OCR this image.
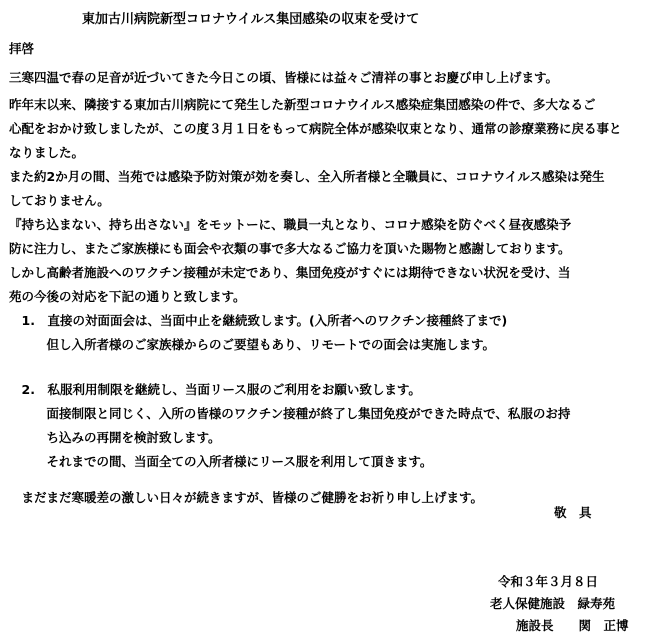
東加古川病院新型コロナウイルス集団感染の収束を受けて
拝啓
三寒四温で春の足音が近づいてきた今日この頃、皆様には益々ご清祥の事とお慶び申し上げます。
昨年末以来、隣接する東加古川病院にて発生した新型コロナウイルス感染症集団感染の件で、多大なるご
心配をおかけ致しましたが、この度３月１日をもって病院全体が感染収束となり、通常の診療業務に戻る事と
なりました。
また約2か月の間、当苑では感染予防対策が効を奏し、全入所者様と全職員に、コロナウイルス感染は発生
しておりません。
『持ち込まない、持ち出さない』をモットーに、職員一丸となり、コロナ感染を防ぐべく昼夜感染予
防に注力し、またご家族様にも面会や衣類の事で多大なるご協力を頂いた賜物と感謝しております。
しかし高齢者施設へのワクチン接種が未定であり、集団免疫がすぐには期待できない状況を受け、当
苑の今後の対応を下記の通りと致します。
　1.　直接の対面面会は、当面中止を継続致します。(入所者へのワクチン接種終了まで)
　　　但し入所者様のご家族様からのご要望もあり、リモートでの面会は実施します。
　2.　私服利用制限を継続し、当面リース服のご利用をお願い致します。
　　　面接制限と同じく、入所の皆様のワクチン接種が終了し集団免疫ができた時点で、私服のお持
　　　ち込みの再開を検討致します。
　　　それまでの間、当面全ての入所者様にリース服を利用して頂きます。
　まだまだ寒暖差の激しい日々が続きますが、皆様のご健勝をお祈り申し上げます。
敬　具
令和３年３月８日
老人保健施設　緑寿苑
施設長　　関　正博
